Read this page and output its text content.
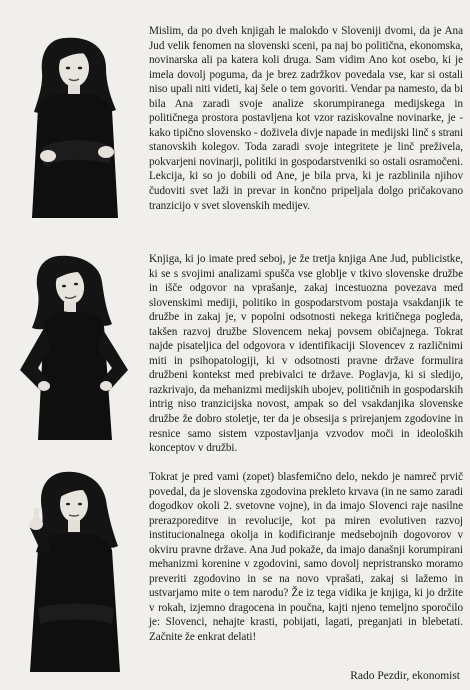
Mislim, da po dveh knjigah le malokdo v Sloveniji dvomi, da je Ana Jud velik fenomen na slovenski sceni, pa naj bo politična, ekonomska, novinarska ali pa katera koli druga. Sam vidim Ano kot osebo, ki je imela dovolj poguma, da je brez zadržkov povedala vse, kar si ostali niso upali niti videti, kaj šele o tem govoriti. Vendar pa namesto, da bi bila Ana zaradi svoje analize skorumpiranega medijskega in političnega prostora postavljena kot vzor raziskovalne novinarke, je - kako tipično slovensko - doživela divje napade in medijski linč s strani stanovskih kolegov. Toda zaradi svoje integritete je linč preživela, pokvarjeni novinarji, politiki in gospodarstveniki so ostali osramočeni. Lekcija, ki so jo dobili od Ane, je bila prva, ki je razblinila njihov čudoviti svet laži in prevar in končno pripeljala dolgo pričakovano tranzicijo v svet slovenskih medijev.

Knjiga, ki jo imate pred seboj, je že tretja knjiga Ane Jud, publicistke, ki se s svojimi analizami spušča vse globlje v tkivo slovenske družbe in išče odgovor na vprašanje, zakaj incestuozna povezava med slovenskimi mediji, politiko in gospodarstvom postaja vsakdanjik te družbe in zakaj je, v popolni odsotnosti nekega kritičnega pogleda, takšen razvoj družbe Slovencem nekaj povsem običajnega. Tokrat najde pisateljica del odgovora v identifikaciji Slovencev z različnimi miti in psihopatologiji, ki v odsotnosti pravne države formulira družbeni kontekst med prebivalci te države. Poglavja, ki si sledijo, razkrivajo, da mehanizmi medijskih ubojev, političnih in gospodarskih intrig niso tranzicijska novost, ampak so del vsakdanjika slovenske družbe že dobro stoletje, ter da je obsesija s prirejanjem zgodovine in resnice samo sistem vzpostavljanja vzvodov moči in ideoloških konceptov v družbi.

Tokrat je pred vami (zopet) blasfemično delo, nekdo je namreč prvič povedal, da je slovenska zgodovina prekleto krvava (in ne samo zaradi dogodkov okoli 2. svetovne vojne), in da imajo Slovenci raje nasilne prerazporeditve in revolucije, kot pa miren evolutiven razvoj institucionalnega okolja in kodificiranje medsebojnih dogovorov v okviru pravne države. Ana Jud pokaže, da imajo današnji korumpirani mehanizmi korenine v zgodovini, samo dovolj nepristransko moramo preveriti zgodovino in se na novo vprašati, zakaj si lažemo in ustvarjamo mite o tem narodu? Že iz tega vidika je knjiga, ki jo držite v rokah, izjemno dragocena in poučna, kajti njeno temeljno sporočilo je: Slovenci, nehajte krasti, pobijati, lagati, preganjati in blebetati. Začnite že enkrat delati!

Rado Pezdir, ekonomist
